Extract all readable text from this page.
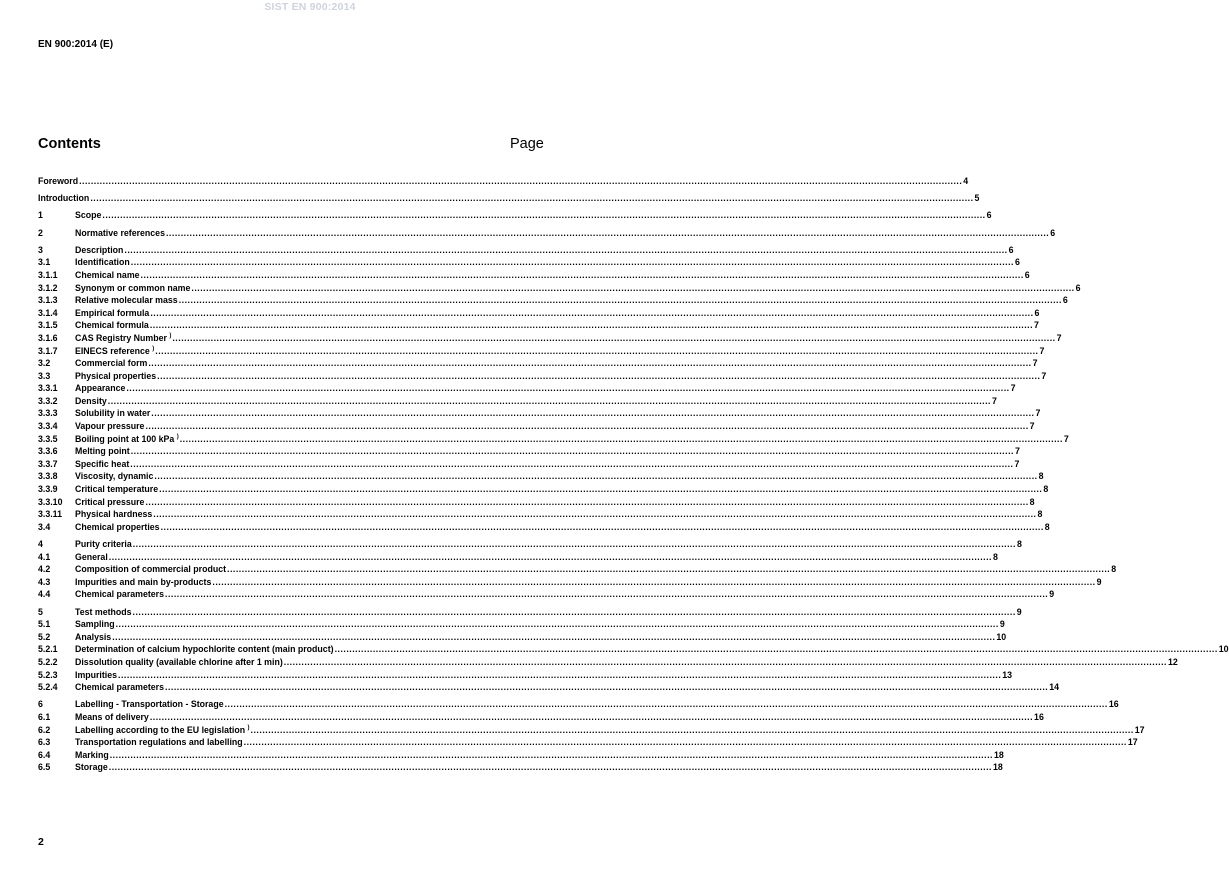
SIST EN 900:2014
EN 900:2014 (E)
Contents	Page
Foreword ............................................................................................................................................................................................................................................................................................................ 4
Introduction ............................................................................................................................................................................................................................................................................................................ 5
1	Scope ............................................................................................................................................................................................................................................................................................................ 6
2	Normative references ............................................................................................................................................................................................................................................................................................................ 6
3	Description ............................................................................................................................................................................................................................................................................................................ 6
3.1	Identification ............................................................................................................................................................................................................................................................................................................ 6
3.1.1 Chemical name ............................................................................................................................................................................................................................................................................................................ 6
3.1.2 Synonym or common name ............................................................................................................................................................................................................................................................................................................ 6
3.1.3 Relative molecular mass ............................................................................................................................................................................................................................................................................................................ 6
3.1.4 Empirical formula ............................................................................................................................................................................................................................................................................................................ 6
3.1.5 Chemical formula ............................................................................................................................................................................................................................................................................................................ 7
3.1.6 CAS Registry Number ) ............................................................................................................................................................................................................................................................................................................ 7
3.1.7 EINECS reference ) ............................................................................................................................................................................................................................................................................................................ 7
3.2	Commercial form ............................................................................................................................................................................................................................................................................................................ 7
3.3	Physical properties ............................................................................................................................................................................................................................................................................................................ 7
3.3.1 Appearance ............................................................................................................................................................................................................................................................................................................ 7
3.3.2 Density ............................................................................................................................................................................................................................................................................................................ 7
3.3.3 Solubility in water ............................................................................................................................................................................................................................................................................................................ 7
3.3.4 Vapour pressure ............................................................................................................................................................................................................................................................................................................ 7
3.3.5 Boiling point at 100 kPa ) ............................................................................................................................................................................................................................................................................................................ 7
3.3.6 Melting point ............................................................................................................................................................................................................................................................................................................ 7
3.3.7 Specific heat ............................................................................................................................................................................................................................................................................................................ 7
3.3.8 Viscosity, dynamic ............................................................................................................................................................................................................................................................................................................ 8
3.3.9 Critical temperature ............................................................................................................................................................................................................................................................................................................ 8
3.3.10 Critical pressure ............................................................................................................................................................................................................................................................................................................ 8
3.3.11 Physical hardness ............................................................................................................................................................................................................................................................................................................ 8
3.4	Chemical properties ............................................................................................................................................................................................................................................................................................................ 8
4	Purity criteria ............................................................................................................................................................................................................................................................................................................ 8
4.1	General ............................................................................................................................................................................................................................................................................................................ 8
4.2	Composition of commercial product ............................................................................................................................................................................................................................................................................................................ 8
4.3	Impurities and main by-products ............................................................................................................................................................................................................................................................................................................ 9
4.4	Chemical parameters ............................................................................................................................................................................................................................................................................................................ 9
5	Test methods ............................................................................................................................................................................................................................................................................................................ 9
5.1	Sampling ............................................................................................................................................................................................................................................................................................................ 9
5.2	Analysis ............................................................................................................................................................................................................................................................................................................ 10
5.2.1 Determination of calcium hypochlorite content (main product) ............................................................................................................................................................................................................................................................................................................ 10
5.2.2 Dissolution quality (available chlorine after 1 min) ............................................................................................................................................................................................................................................................................................................ 12
5.2.3 Impurities ............................................................................................................................................................................................................................................................................................................ 13
5.2.4 Chemical parameters ............................................................................................................................................................................................................................................................................................................ 14
6	Labelling - Transportation - Storage ............................................................................................................................................................................................................................................................................................................ 16
6.1	Means of delivery ............................................................................................................................................................................................................................................................................................................ 16
6.2	Labelling according to the EU legislation ) ............................................................................................................................................................................................................................................................................................................ 17
6.3	Transportation regulations and labelling ............................................................................................................................................................................................................................................................................................................ 17
6.4	Marking ............................................................................................................................................................................................................................................................................................................ 18
6.5	Storage ............................................................................................................................................................................................................................................................................................................ 18
2
